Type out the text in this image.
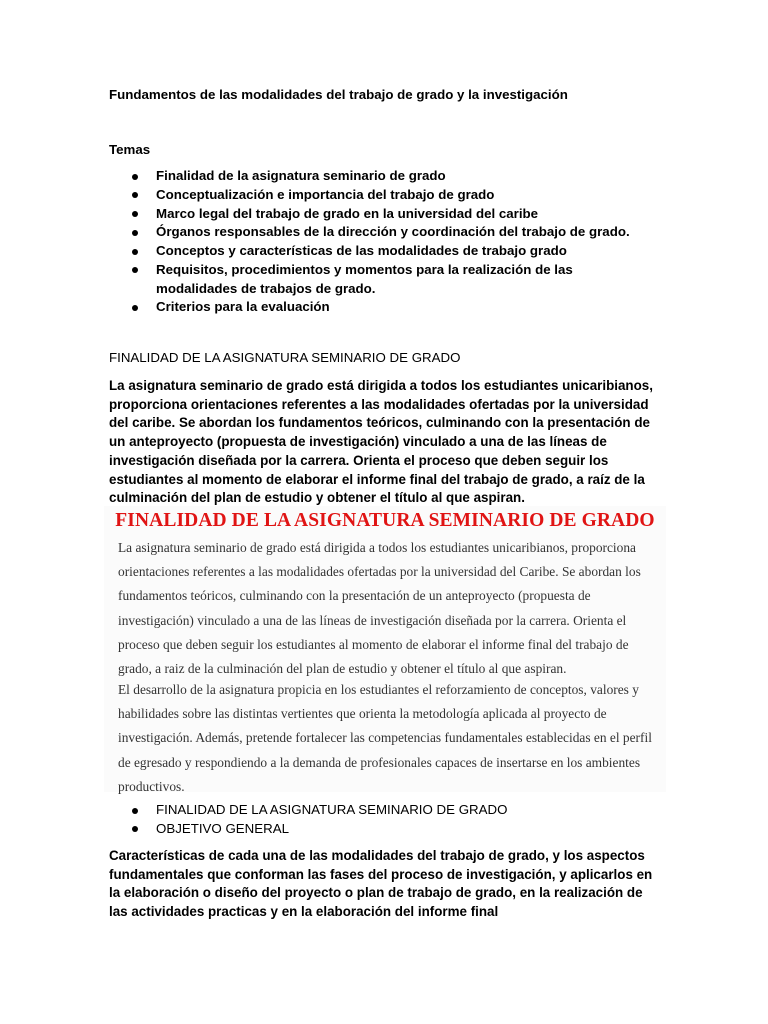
Fundamentos de las modalidades del trabajo de grado y la investigación
Temas
Finalidad de la asignatura seminario de grado
Conceptualización e importancia del trabajo de grado
Marco legal del trabajo de grado en la universidad del caribe
Órganos responsables de la dirección y coordinación del trabajo de grado.
Conceptos y características de las modalidades de trabajo grado
Requisitos, procedimientos y momentos para la realización de las modalidades de trabajos de grado.
Criterios para la evaluación
FINALIDAD DE LA ASIGNATURA SEMINARIO DE GRADO

La asignatura seminario de grado está dirigida a todos los estudiantes unicaribianos, proporciona orientaciones referentes a las modalidades ofertadas por la universidad del caribe. Se abordan los fundamentos teóricos, culminando con la presentación de un anteproyecto (propuesta de investigación) vinculado a una de las líneas de investigación diseñada por la carrera. Orienta el proceso que deben seguir los estudiantes al momento de elaborar el informe final del trabajo de grado, a raíz de la culminación del plan de estudio y obtener el título al que aspiran.

FINALIDAD DE LA ASIGNATURA SEMINARIO DE GRADO

La asignatura seminario de grado está dirigida a todos los estudiantes unicaribianos, proporciona orientaciones referentes a las modalidades ofertadas por la universidad del Caribe. Se abordan los fundamentos teóricos, culminando con la presentación de un anteproyecto (propuesta de investigación) vinculado a una de las líneas de investigación diseñada por la carrera. Orienta el proceso que deben seguir los estudiantes al momento de elaborar el informe final del trabajo de grado, a raiz de la culminación del plan de estudio y obtener el título al que aspiran.

El desarrollo de la asignatura propicia en los estudiantes el reforzamiento de conceptos, valores y habilidades sobre las distintas vertientes que orienta la metodología aplicada al proyecto de investigación. Además, pretende fortalecer las competencias fundamentales establecidas en el perfil de egresado y respondiendo a la demanda de profesionales capaces de insertarse en los ambientes productivos.

FINALIDAD DE LA ASIGNATURA SEMINARIO DE GRADO
OBJETIVO GENERAL

Características de cada una de las modalidades del trabajo de grado, y los aspectos fundamentales que conforman las fases del proceso de investigación, y aplicarlos en la elaboración o diseño del proyecto o plan de trabajo de grado, en la realización de las actividades practicas y en la elaboración del informe final
